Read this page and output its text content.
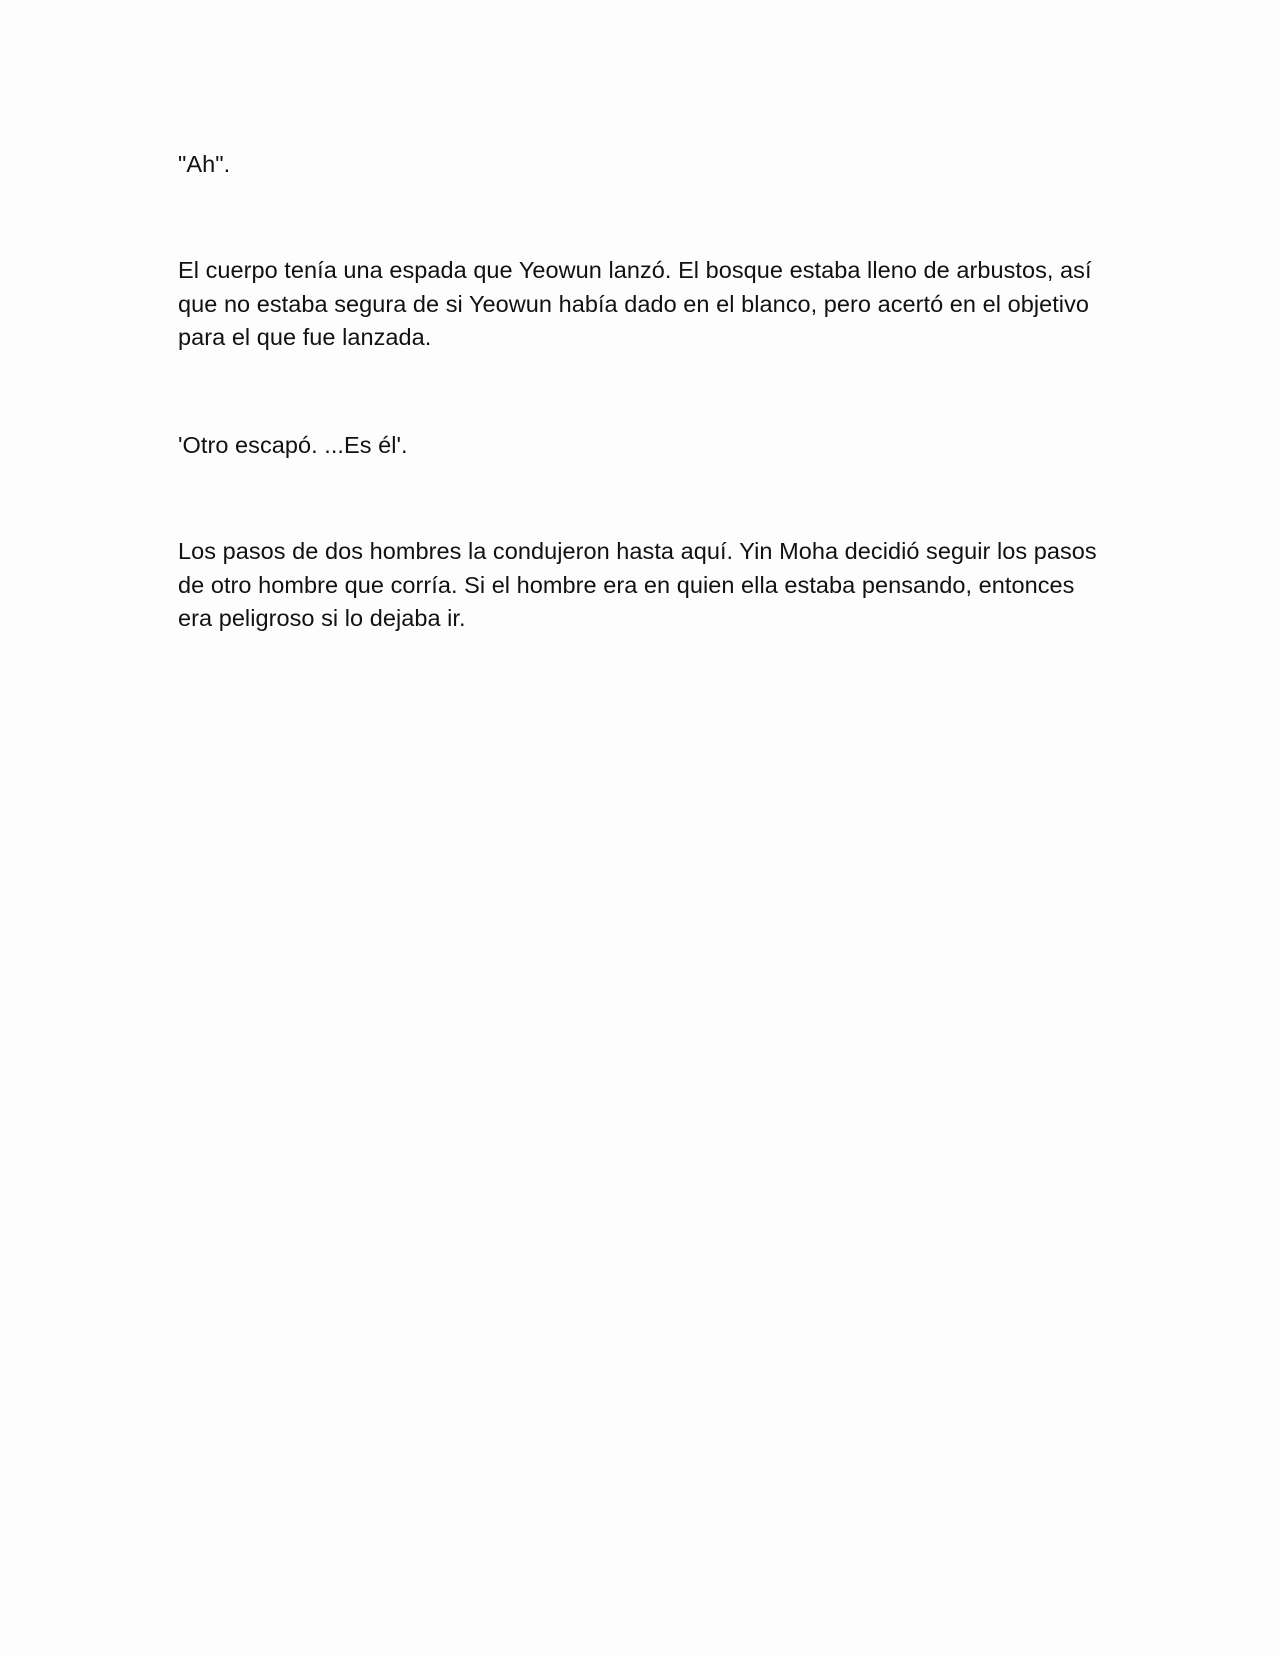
"Ah".

El cuerpo tenía una espada que Yeowun lanzó. El bosque estaba lleno de arbustos, así que no estaba segura de si Yeowun había dado en el blanco, pero acertó en el objetivo para el que fue lanzada.

'Otro escapó. ...Es él'.

Los pasos de dos hombres la condujeron hasta aquí. Yin Moha decidió seguir los pasos de otro hombre que corría. Si el hombre era en quien ella estaba pensando, entonces era peligroso si lo dejaba ir.
